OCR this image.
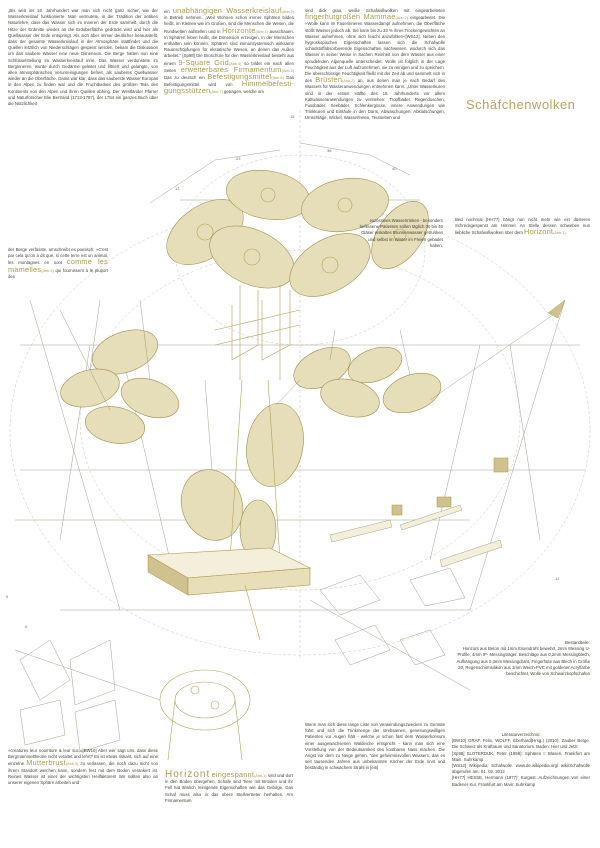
13
23
36
40
5
9
12
15
Schäfchenwolken
„Bis weit ins 18. Jahrhundert war man sich nicht ganz sicher, wie der Wasserkreislauf funktionierte. Man vermutete, in der Tradition der antiken Naturlehre, dass das Wasser sich im Inneren der Erde sammelt, durch die Hitze der Erdmitte wieder an die Erdoberfläche gedrückt wird und hier als Quellwasser der Erde entspringt. Als sich aber immer deutlicher herausstellt, dass der gesamte Wasserkreislauf in der Atmosphäre stattfindet und die Quellen letztlich von Niederschlägen gespeist werden, bekam die Diskussion um das saubere Wasser eine neue Dimension. Die Berge hatten nun eine Schlüsselstellung im Wasserkreislauf inne. Das Wasser verdunstete im Berginneren, wurde durch Gedärme geleitet und filtriert und gelangte, von allen atmosphärischen Verunreinigungen befreit, als sauberes Quellwasser wieder an die Oberfläche. Damit war klar, dass das sauberste Wasser Europas in den Alpen zu finden war und die Fruchtbarkeit des größten Teils des Kontinents von den Alpen und ihren Quellen abhing. Der Westländer Pfarrer und Naturforscher Elie Bertrand (1713-1797), der 1754 ein ganzes Buch über die Nützlichkeit
der Berge verfasste, umschreibt es poetisch: »C'est par cela qu'on a dit que, si cette terre est un animal, les montagnes en sont comme les mamelles(Abb.3) qui fournissent à le pluport des
ein unabhängigen Wasserkreislauf(Abb.2) in Betrieb nehmen. „Weil Wohnen schon immer Sphären bilden heißt, im Kleinen wie im Großen, sind die Menschen die Wesen, die Rundwelten aufstellen und in Horizonte(Abb.1) ausschauen. In Sphären leben heißt, die Dimension erzeugen, in der Menschen enthalten sein können. Sphären sind immunsystemisch wirksame Raumschöpfungen für ekstatische Wesen, an denen das Außen arbeitet." [Sp98] Die Broschüre für den Wasserkreislauf besteht aus einem 9-Square Grid(Abb.4) so bildet ein nach allen Seiten erweiterbares Firmamentum(Abb.5) Das zu deutsch ein Befestigungsmittel(Abb.6) Das Befestigungsmittel wird von Himmelbefesti-gungsstützen(Abb.7) getragen, welche am
sind dick grau, weiße Schafwollwolken mit eingearbeiteten fingerhutgroßen Mammae(Abb.2) eingearbeitet. Die »Wolle kann im Faserinneren Wasserdampf aufnehmen, die Oberfläche stößt Wasser jedoch ab. Sie kann bis zu 33 % ihres Trockengewichtes an Wasser aufnehmen, ohne sich feucht anzufühlen«[WS12]. Neben den hygroskopischen Eigenschaften lassen sich die Schafwolle schadstoffabsorbierende Eigenschaften nachweisen, wodurch sich das Wasser in seiner Weise in Sachen Reinheit von dem Wasser aus einer sprudelnden Alpenquelle unterscheidet. Wolle ist folglich in der Lage Feuchtigkeit aus der Luft aufzunehmen, sie zu reinigen und zu speichern. Die überschüssige Feuchtigkeit fließt mit der Zeit ab und sammelt sich in den Brüsten(Abb.2) an, aus denen man je nach Bedarf des Wassers für Wasseranwendungen entnehmen kann. „Unter Wasserkuren sind in der ersten Hälfte des 19. Jahrhunderts vor allem Kaltwasseranwendungen zu verstehen: Tropfbäder, Regenduschen, Fussbäder, Seebäder, Schlenkergüsse, innere Anwendungen wie Trinkkuren und Einläufe in den Darm, Abwaschungen, Abklatschungen, Umschläge, Wickel, Wassertreten, Teutrieben und
exzessives Wassertrinken - besonders beflissene Patienten sollen täglich 30 bis 40 Gläser eiskaltes Brunnenwasser getrunken und selbst im Winter im Freien gebadet haben.
Bed nochmal [HH77] hängt nun nicht mehr wie ein düsteres Schreckgespenst am Himmel. An Stelle dessen schweben nun liebliche Schafwollwolken über dem Horizont(Abb.1)
»creatures leur nourriture & leur suc.«[BW10] Aber wer sagt uns, dass diese Bergmammeltheorie nicht veraltet und lehrt? Es ist etwas riskant, sich auf eine einzelne Mutterbrust(Abb.3) zu verlassen, die noch dazu nicht von ihrem Standort weichen kann, sondern fest mit dem Boden verankert ist. Reines Wasser ist einer der wichtigsten Heilfaktoren! Wir sollten also an unserer eigenen Sphäre arbeiten und
Horizont eingespannt(Abb.1) sind und dort in den Boden übergehen. Schafe sind Tiere mit Brüsten und ihr Fell hat ähnlich reinigende Eigenschaften wie das Gebirge. Das Schaf muss also in das obere Stellvertreter herhalten. Am Firmamentum
Wenn man sich diese lange Liste von Verwendungszwecken zu Gemüte führt und sich die Trinkmenge der strebsamen, genesungswilligen Patienten vor Augen hält - welche je schon fast dem Wasserkonsum einer ausgewachsenen Waldeiche entspricht - kann man sich eine Vorstellung von der Bedeutsamkeit des kostbaren Nass machen. Die Angst vor dem zu Neige gehen, "des geheimnisvollen Wassers, das es seit tausenden Jahren aus unbekannten Kücher der Erde rinnt und beständig in schwachem Strahl in [ein]
Bestandteile:
Horizont aus Beton mit 1mm Eisendraht bewehrt, 2mm Messing U-Profile, 4mm IP- Messingträger, Beschläge aus 0,2mm Messingblech, Aufhängung aus 0,3mm Messingdraht, Fingerhüte aus Blech in Größe 20, Regenschirmsilikon aus 1mm Weich-PVC mit goldener Acrylfarbe beschichtet, Wolle von Schwarzkopfschafen
Literaturverzeichnis:
[BW10] GRAF, Felix, WOLFF, Eberhard(Hrsg.) (2010): Zauber Berge. Die Schweiz als Kraftraum und Sanatorium. Baden: Hier und Jetzt
[Sp98] SLOTERDIJK, Peter (1998): Sphären I: Blasen. Frankfurt am Main: Suhrkamp
[WS12] Wikipedia: Schafwolle. www.de.wikipedia.org/ wiki/Schafwolle abgerufen am: 01. 02. 2012
[HH77] HESSE, Hermann (1977): Kurgast. Aufzeichnungen von einer Badener Kur. Frankfurt am Main: Suhrkamp
